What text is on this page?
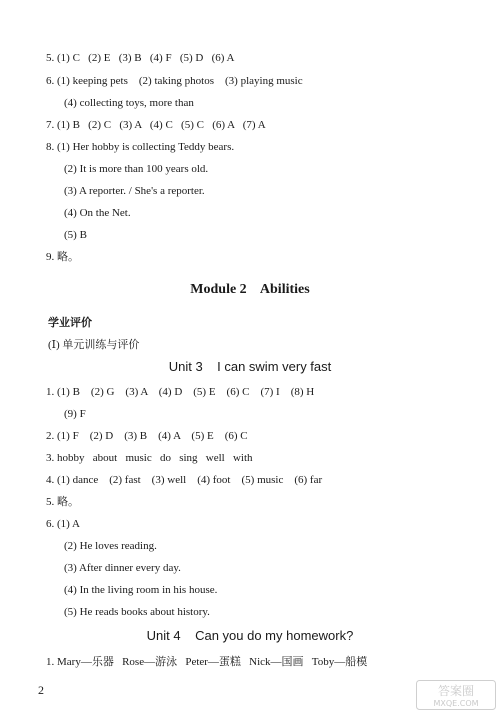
5. (1) C   (2) E   (3) B   (4) F   (5) D   (6) A
6. (1) keeping pets    (2) taking photos    (3) playing music
(4) collecting toys, more than
7. (1) B   (2) C   (3) A   (4) C   (5) C   (6) A   (7) A
8. (1) Her hobby is collecting Teddy bears.
(2) It is more than 100 years old.
(3) A reporter. / She's a reporter.
(4) On the Net.
(5) B
9. 略。
Module 2    Abilities
学业评价
(Ⅰ) 单元训练与评价
Unit 3    I can swim very fast
1. (1) B    (2) G    (3) A    (4) D    (5) E    (6) C    (7) I    (8) H
(9) F
2. (1) F    (2) D    (3) B    (4) A    (5) E    (6) C
3. hobby   about   music   do   sing   well   with
4. (1) dance    (2) fast    (3) well    (4) foot    (5) music    (6) far
5. 略。
6. (1) A
(2) He loves reading.
(3) After dinner every day.
(4) In the living room in his house.
(5) He reads books about history.
Unit 4    Can you do my homework?
1. Mary—乐器   Rose—游泳   Peter—蛋糕   Nick—国画   Toby—船模
2	答案圈
MXQE.COM
